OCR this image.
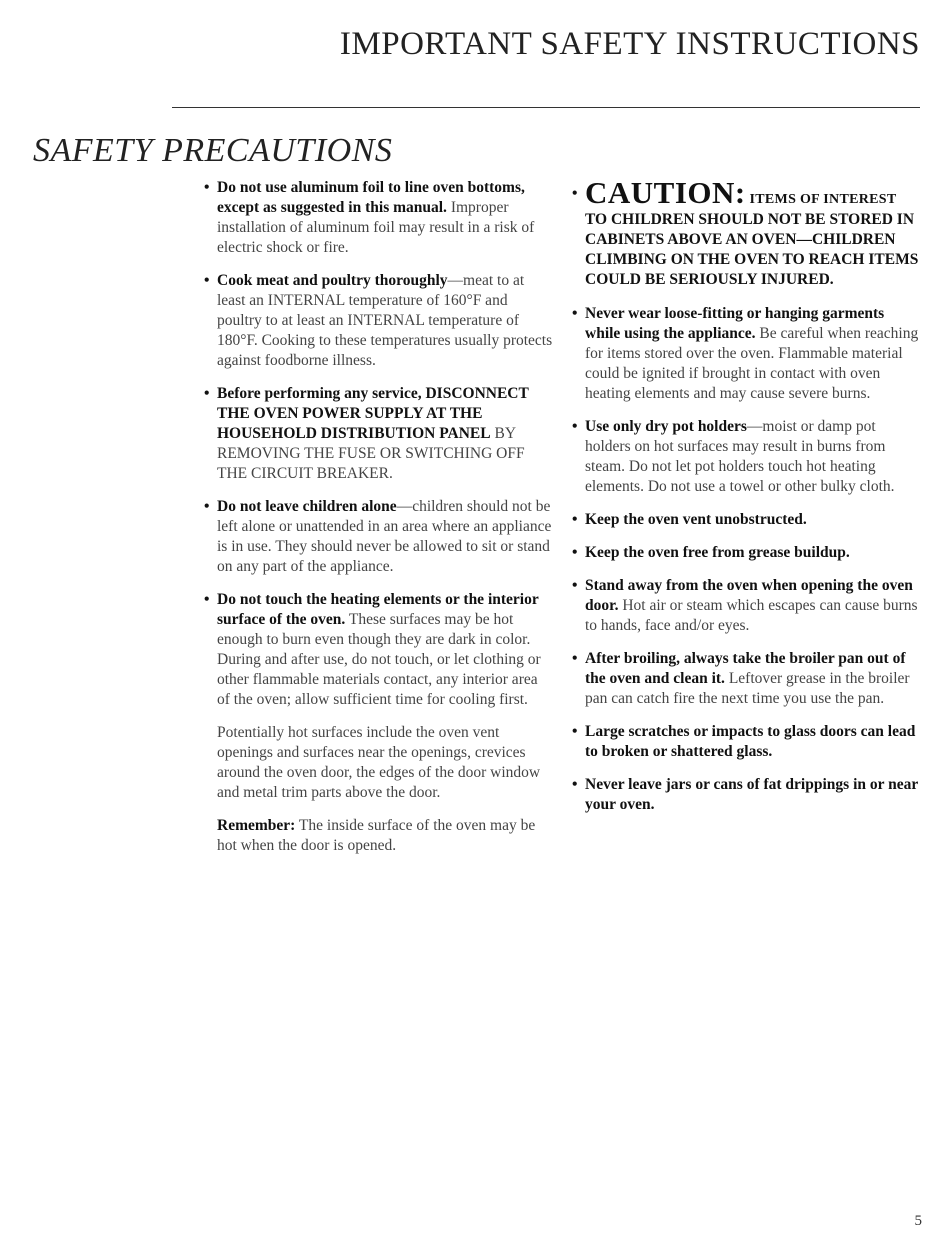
IMPORTANT SAFETY INSTRUCTIONS
SAFETY PRECAUTIONS
• Do not use aluminum foil to line oven bottoms, except as suggested in this manual. Improper installation of aluminum foil may result in a risk of electric shock or fire.
• Cook meat and poultry thoroughly—meat to at least an INTERNAL temperature of 160°F and poultry to at least an INTERNAL temperature of 180°F. Cooking to these temperatures usually protects against foodborne illness.
• Before performing any service, DISCONNECT THE OVEN POWER SUPPLY AT THE HOUSEHOLD DISTRIBUTION PANEL BY REMOVING THE FUSE OR SWITCHING OFF THE CIRCUIT BREAKER.
• Do not leave children alone—children should not be left alone or unattended in an area where an appliance is in use. They should never be allowed to sit or stand on any part of the appliance.
• Do not touch the heating elements or the interior surface of the oven. These surfaces may be hot enough to burn even though they are dark in color. During and after use, do not touch, or let clothing or other flammable materials contact, any interior area of the oven; allow sufficient time for cooling first.
Potentially hot surfaces include the oven vent openings and surfaces near the openings, crevices around the oven door, the edges of the door window and metal trim parts above the door.
Remember: The inside surface of the oven may be hot when the door is opened.
• CAUTION: ITEMS OF INTEREST
TO CHILDREN SHOULD NOT BE STORED IN CABINETS ABOVE AN OVEN—CHILDREN CLIMBING ON THE OVEN TO REACH ITEMS COULD BE SERIOUSLY INJURED.
• Never wear loose-fitting or hanging garments while using the appliance. Be careful when reaching for items stored over the oven. Flammable material could be ignited if brought in contact with oven heating elements and may cause severe burns.
• Use only dry pot holders—moist or damp pot holders on hot surfaces may result in burns from steam. Do not let pot holders touch hot heating elements. Do not use a towel or other bulky cloth.
• Keep the oven vent unobstructed.
• Keep the oven free from grease buildup.
• Stand away from the oven when opening the oven door. Hot air or steam which escapes can cause burns to hands, face and/or eyes.
• After broiling, always take the broiler pan out of the oven and clean it. Leftover grease in the broiler pan can catch fire the next time you use the pan.
• Large scratches or impacts to glass doors can lead to broken or shattered glass.
• Never leave jars or cans of fat drippings in or near your oven.
5
